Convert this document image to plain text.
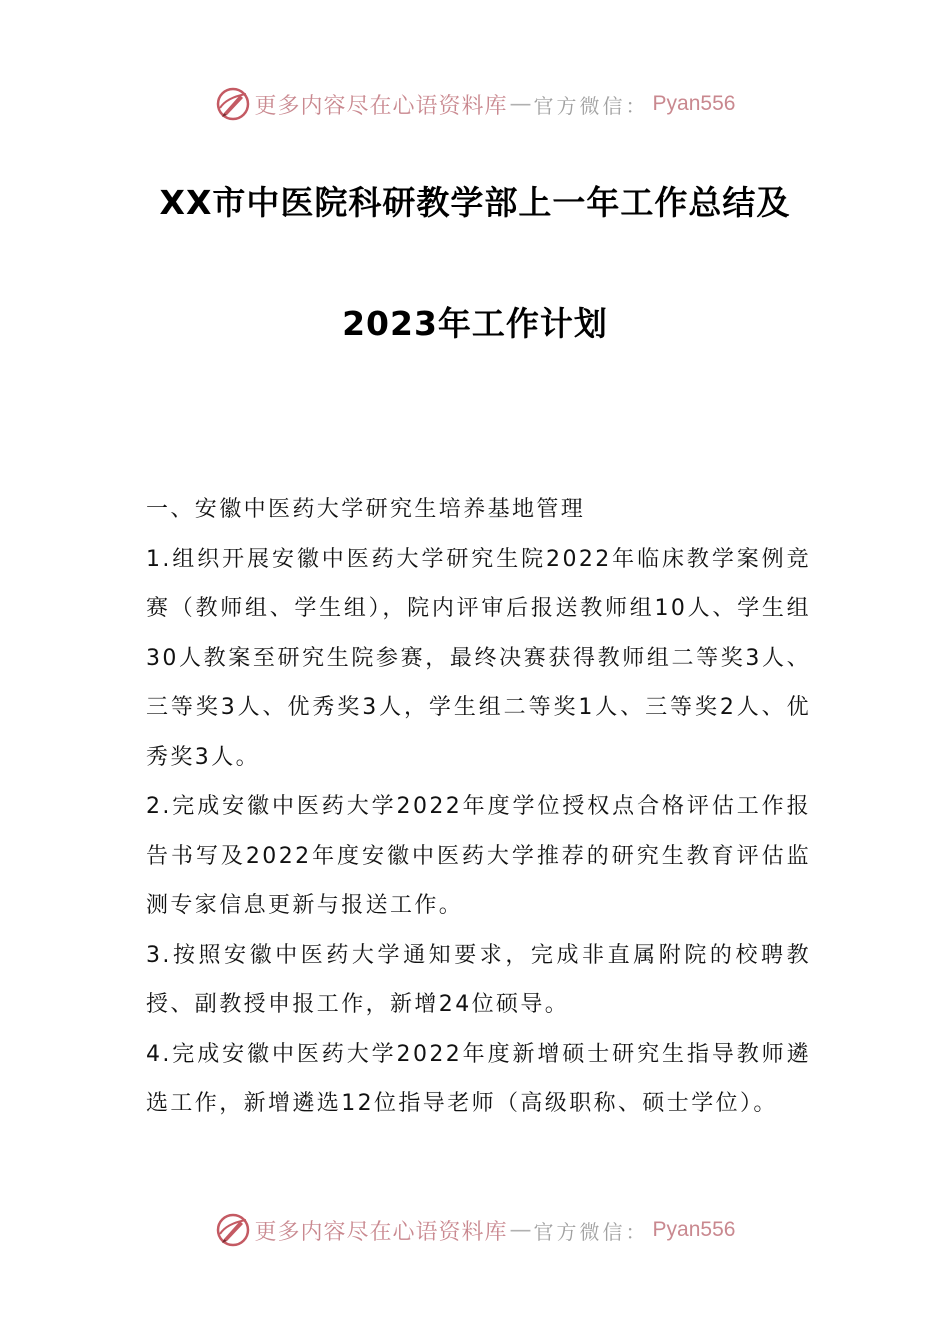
更多内容尽在心语资料库 — 官方微信： Pyan556
XX市中医院科研教学部上一年工作总结及
2023年工作计划

一、安徽中医药大学研究生培养基地管理

1.组织开展安徽中医药大学研究生院2022年临床教学案例竞赛（教师组、学生组），院内评审后报送教师组10人、学生组30人教案至研究生院参赛，最终决赛获得教师组二等奖3人、三等奖3人、优秀奖3人，学生组二等奖1人、三等奖2人、优秀奖3人。

2.完成安徽中医药大学2022年度学位授权点合格评估工作报告书写及2022年度安徽中医药大学推荐的研究生教育评估监测专家信息更新与报送工作。

3.按照安徽中医药大学通知要求，完成非直属附院的校聘教授、副教授申报工作，新增24位硕导。

4.完成安徽中医药大学2022年度新增硕士研究生指导教师遴选工作，新增遴选12位指导老师（高级职称、硕士学位）。

更多内容尽在心语资料库 — 官方微信： Pyan556
